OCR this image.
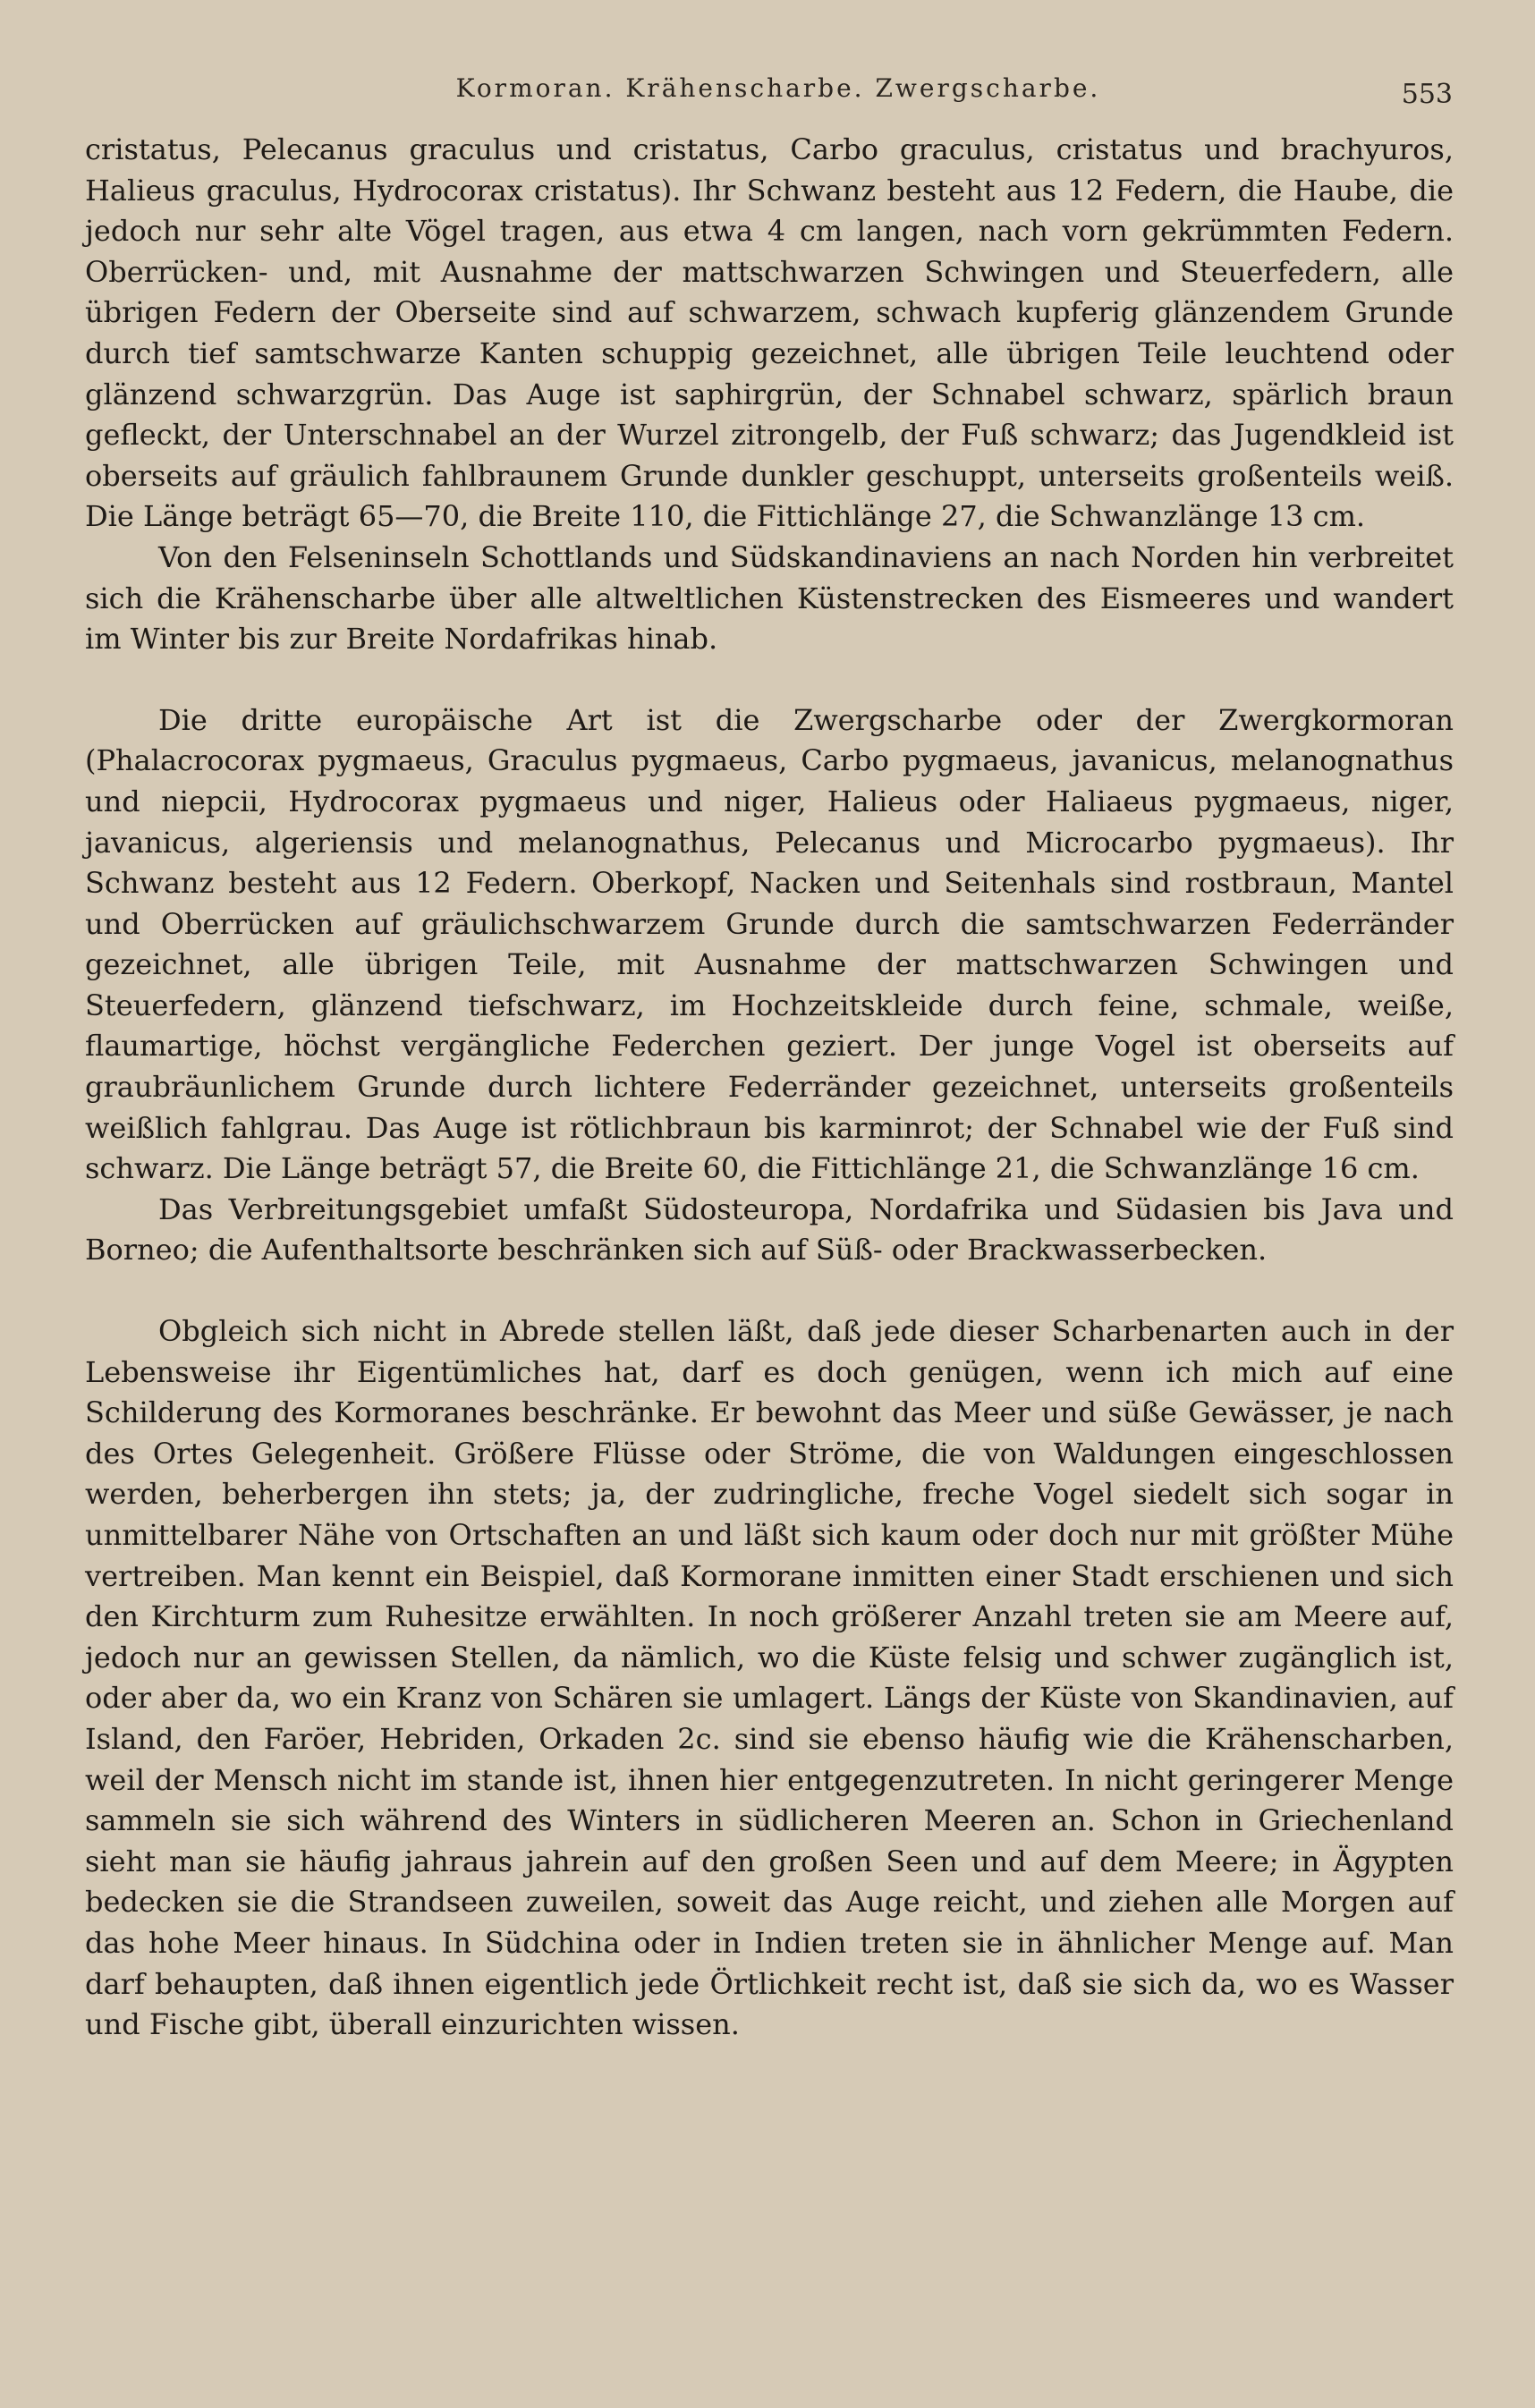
Kormoran. Krähenscharbe. Zwergscharbe.	553

cristatus, Pelecanus graculus und cristatus, Carbo graculus, cristatus und brachyuros, Halieus graculus, Hydrocorax cristatus). Ihr Schwanz besteht aus 12 Federn, die Haube, die jedoch nur sehr alte Vögel tragen, aus etwa 4 cm langen, nach vorn gekrümmten Federn. Oberrücken- und, mit Ausnahme der mattschwarzen Schwingen und Steuerfedern, alle übrigen Federn der Oberseite sind auf schwarzem, schwach kupferig glänzendem Grunde durch tief samtschwarze Kanten schuppig gezeichnet, alle übrigen Teile leuchtend oder glänzend schwarzgrün. Das Auge ist saphirgrün, der Schnabel schwarz, spärlich braun gefleckt, der Unterschnabel an der Wurzel zitrongelb, der Fuß schwarz; das Jugendkleid ist oberseits auf gräulich fahlbraunem Grunde dunkler geschuppt, unterseits großenteils weiß. Die Länge beträgt 65—70, die Breite 110, die Fittichlänge 27, die Schwanzlänge 13 cm.

Von den Felseninseln Schottlands und Südskandinaviens an nach Norden hin verbreitet sich die Krähenscharbe über alle altweltlichen Küstenstrecken des Eismeeres und wandert im Winter bis zur Breite Nordafrikas hinab.

Die dritte europäische Art ist die Zwergscharbe oder der Zwergkormoran (Phalacrocorax pygmaeus, Graculus pygmaeus, Carbo pygmaeus, javanicus, melanognathus und niepcii, Hydrocorax pygmaeus und niger, Halieus oder Haliaeus pygmaeus, niger, javanicus, algeriensis und melanognathus, Pelecanus und Microcarbo pygmaeus). Ihr Schwanz besteht aus 12 Federn. Oberkopf, Nacken und Seitenhals sind rostbraun, Mantel und Oberrücken auf gräulichschwarzem Grunde durch die samtschwarzen Federränder gezeichnet, alle übrigen Teile, mit Ausnahme der mattschwarzen Schwingen und Steuerfedern, glänzend tiefschwarz, im Hochzeitskleide durch feine, schmale, weiße, flaumartige, höchst vergängliche Federchen geziert. Der junge Vogel ist oberseits auf graubräunlichem Grunde durch lichtere Federränder gezeichnet, unterseits großenteils weißlich fahlgrau. Das Auge ist rötlichbraun bis karminrot; der Schnabel wie der Fuß sind schwarz. Die Länge beträgt 57, die Breite 60, die Fittichlänge 21, die Schwanzlänge 16 cm.

Das Verbreitungsgebiet umfaßt Südosteuropa, Nordafrika und Südasien bis Java und Borneo; die Aufenthaltsorte beschränken sich auf Süß- oder Brackwasserbecken.

Obgleich sich nicht in Abrede stellen läßt, daß jede dieser Scharbenarten auch in der Lebensweise ihr Eigentümliches hat, darf es doch genügen, wenn ich mich auf eine Schilderung des Kormoranes beschränke. Er bewohnt das Meer und süße Gewässer, je nach des Ortes Gelegenheit. Größere Flüsse oder Ströme, die von Waldungen eingeschlossen werden, beherbergen ihn stets; ja, der zudringliche, freche Vogel siedelt sich sogar in unmittelbarer Nähe von Ortschaften an und läßt sich kaum oder doch nur mit größter Mühe vertreiben. Man kennt ein Beispiel, daß Kormorane inmitten einer Stadt erschienen und sich den Kirchturm zum Ruhesitze erwählten. In noch größerer Anzahl treten sie am Meere auf, jedoch nur an gewissen Stellen, da nämlich, wo die Küste felsig und schwer zugänglich ist, oder aber da, wo ein Kranz von Schären sie umlagert. Längs der Küste von Skandinavien, auf Island, den Faröer, Hebriden, Orkaden 2c. sind sie ebenso häufig wie die Krähenscharben, weil der Mensch nicht im stande ist, ihnen hier entgegenzutreten. In nicht geringerer Menge sammeln sie sich während des Winters in südlicheren Meeren an. Schon in Griechenland sieht man sie häufig jahraus jahrein auf den großen Seen und auf dem Meere; in Ägypten bedecken sie die Strandseen zuweilen, soweit das Auge reicht, und ziehen alle Morgen auf das hohe Meer hinaus. In Südchina oder in Indien treten sie in ähnlicher Menge auf. Man darf behaupten, daß ihnen eigentlich jede Örtlichkeit recht ist, daß sie sich da, wo es Wasser und Fische gibt, überall einzurichten wissen.
